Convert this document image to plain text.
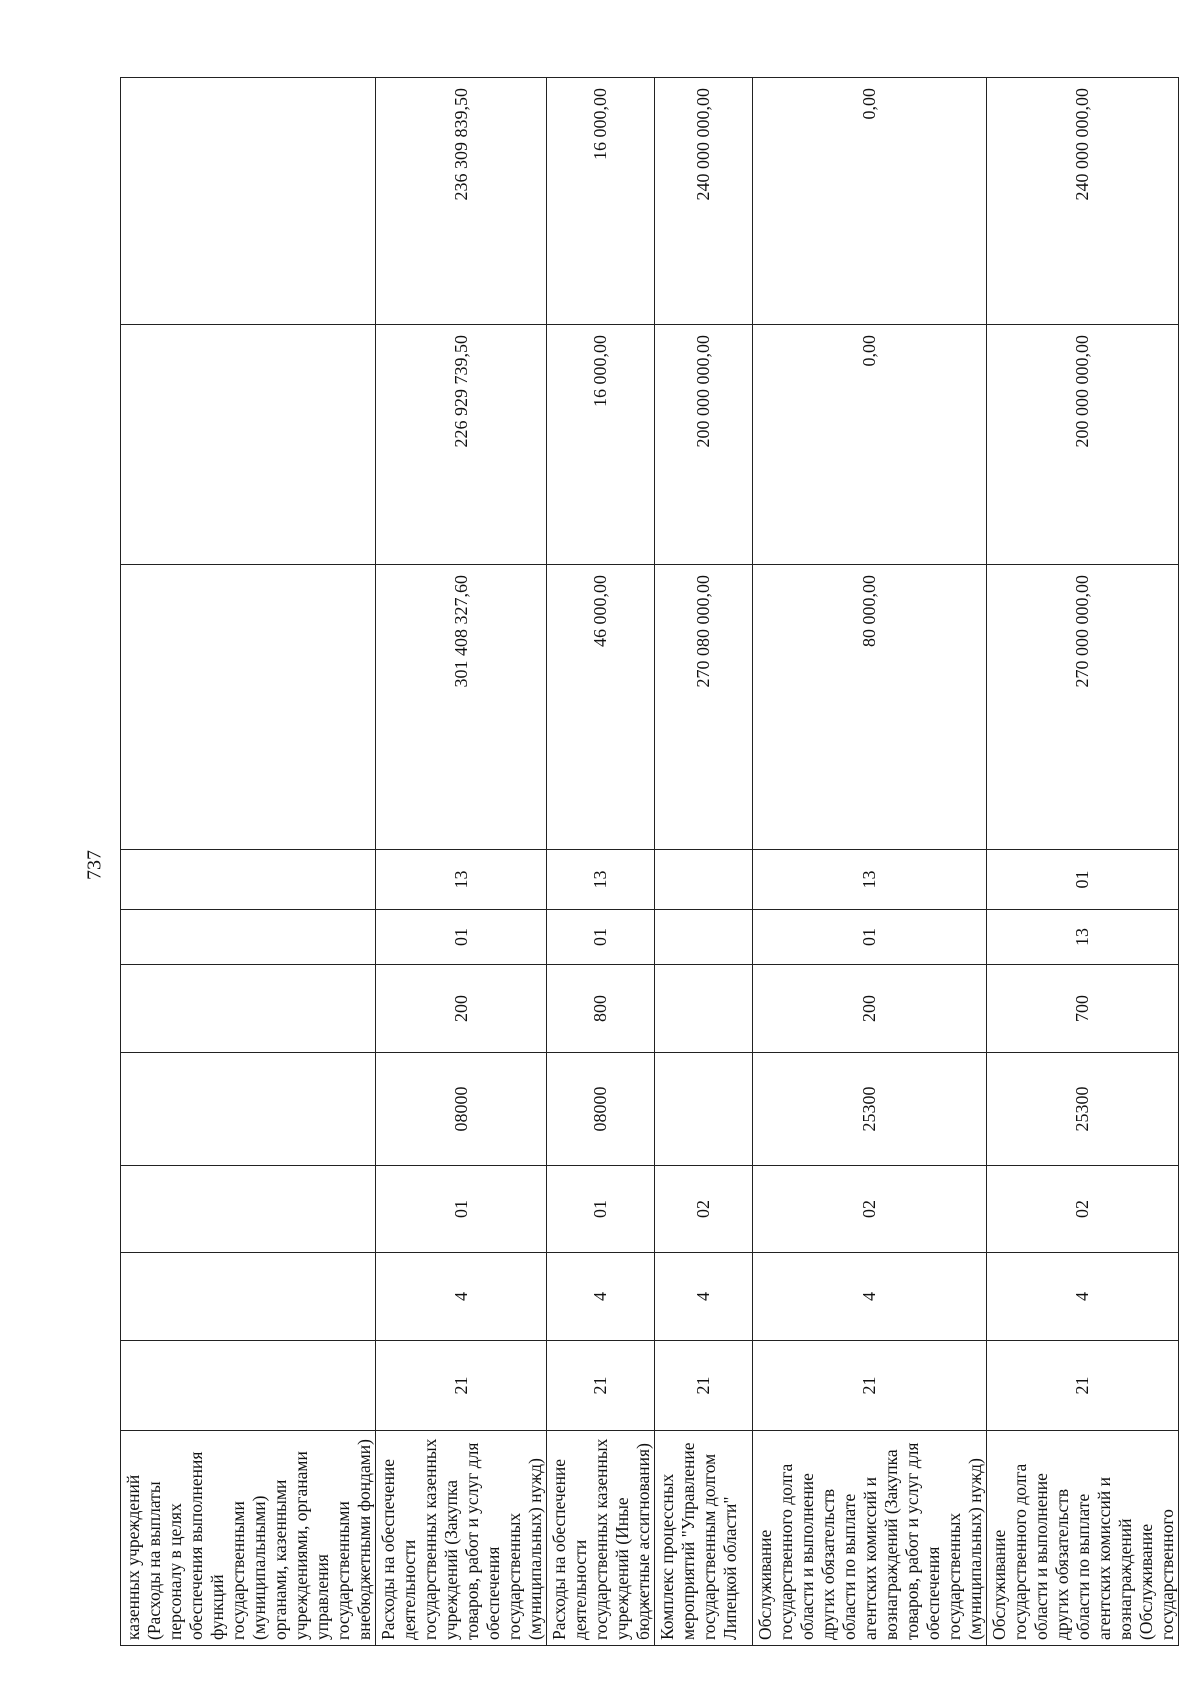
737
казенных учреждений (Расходы на выплаты персоналу в целях обеспечения выполнения функций государственными (муниципальными) органами, казенными учреждениями, органами управления государственными внебюджетными фондами)										
Расходы на обеспечение деятельности государственных казенных учреждений (Закупка товаров, работ и услуг для обеспечения государственных (муниципальных) нужд)	21	4	01	08000	200	01	13	301 408 327,60	226 929 739,50	236 309 839,50
Расходы на обеспечение деятельности государственных казенных учреждений (Иные бюджетные ассигнования)	21	4	01	08000	800	01	13	46 000,00	16 000,00	16 000,00
Комплекс процессных мероприятий "Управление государственным долгом Липецкой области"	21	4	02					270 080 000,00	200 000 000,00	240 000 000,00
Обслуживание государственного долга области и выполнение других обязательств области по выплате агентских комиссий и вознаграждений (Закупка товаров, работ и услуг для обеспечения государственных (муниципальных) нужд)	21	4	02	25300	200	01	13	80 000,00	0,00	0,00
Обслуживание государственного долга области и выполнение других обязательств области по выплате агентских комиссий и вознаграждений (Обслуживание государственного	21	4	02	25300	700	13	01	270 000 000,00	200 000 000,00	240 000 000,00
